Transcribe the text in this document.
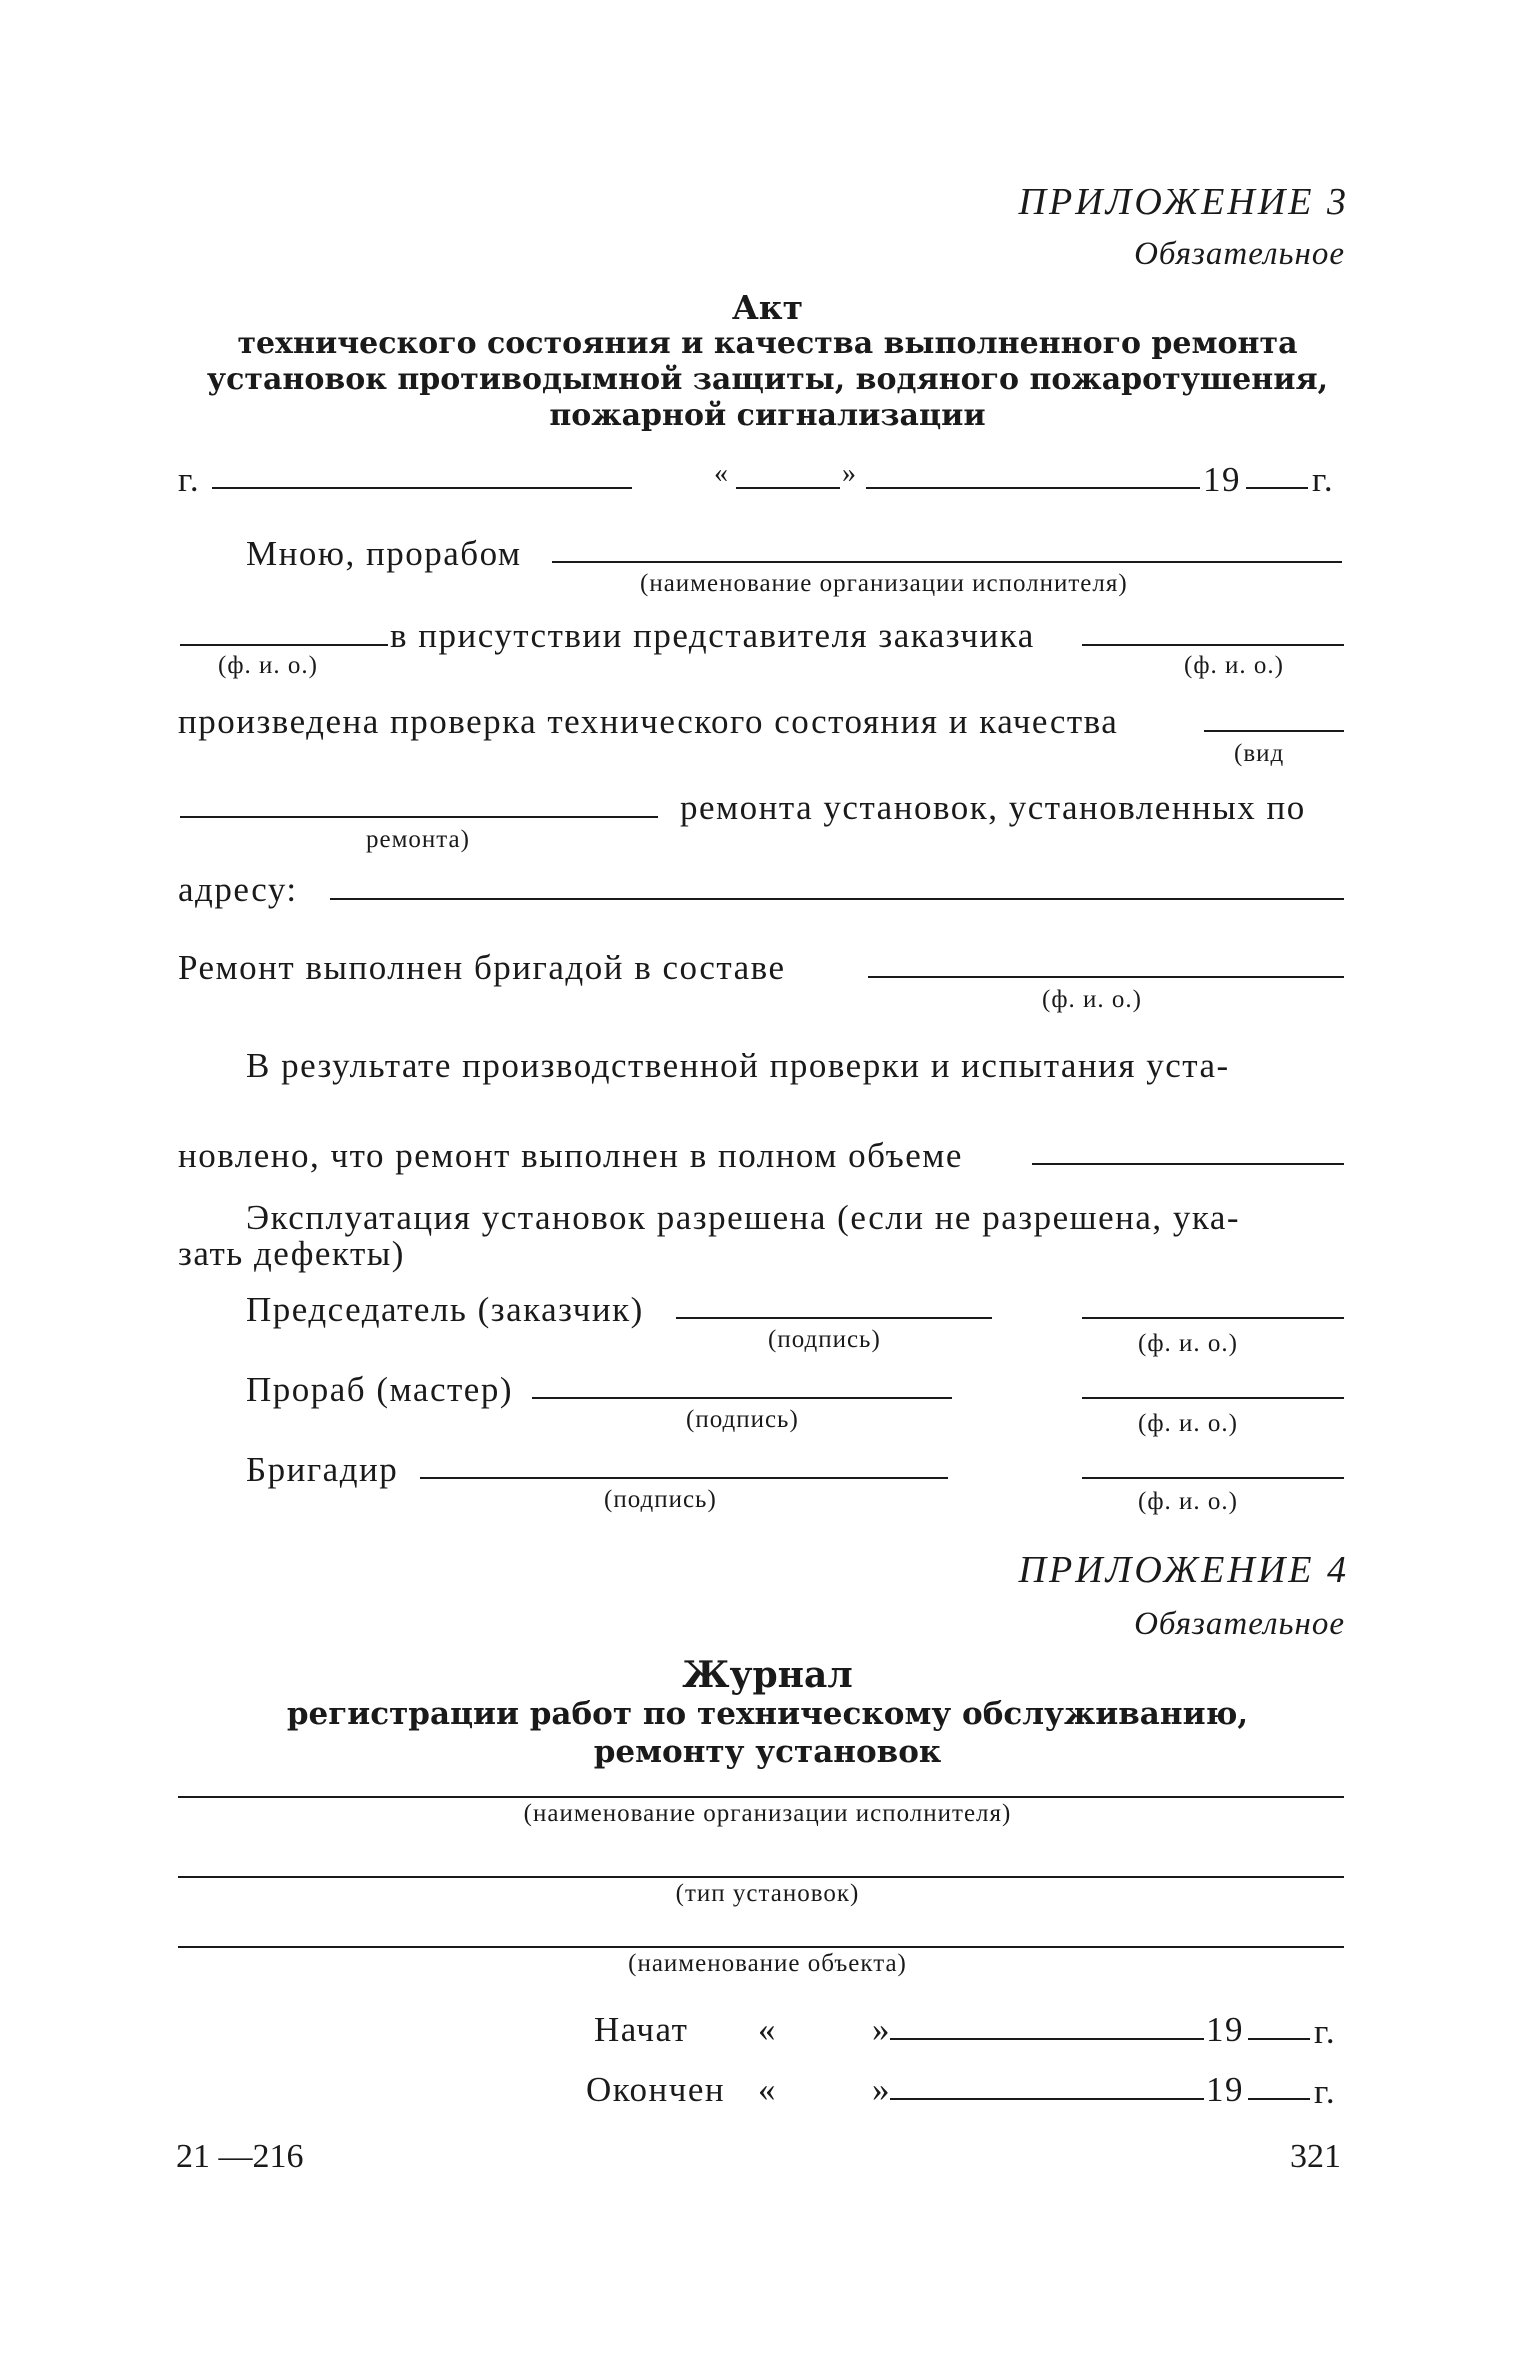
ПРИЛОЖЕНИЕ 3
Обязательное
Акт
технического состояния и качества выполненного ремонта
установок противодымной защиты, водяного пожаротушения,
пожарной сигнализации
г.	«	»	19 г.
Мною, прорабом
(наименование организации исполнителя)
в присутствии представителя заказчика
(ф. и. о.)	(ф. и. о.)
произведена проверка технического состояния и качества
(вид
ремонта установок, установленных по
ремонта)
адресу:
Ремонт выполнен бригадой в составе
(ф. и. о.)
В результате производственной проверки и испытания уста-
новлено, что ремонт выполнен в полном объеме
Эксплуатация установок разрешена (если не разрешена, ука-
зать дефекты)
Председатель (заказчик)
(подпись)	(ф. и. о.)
Прораб (мастер)
(подпись)	(ф. и. о.)
Бригадир
(подпись)	(ф. и. о.)
ПРИЛОЖЕНИЕ 4
Обязательное
Журнал
регистрации работ по техническому обслуживанию,
ремонту установок
(наименование организации исполнителя)
(тип установок)
(наименование объекта)
Начат «	»	19 г.
Окончен «	»	19 г.
21 —216	321
